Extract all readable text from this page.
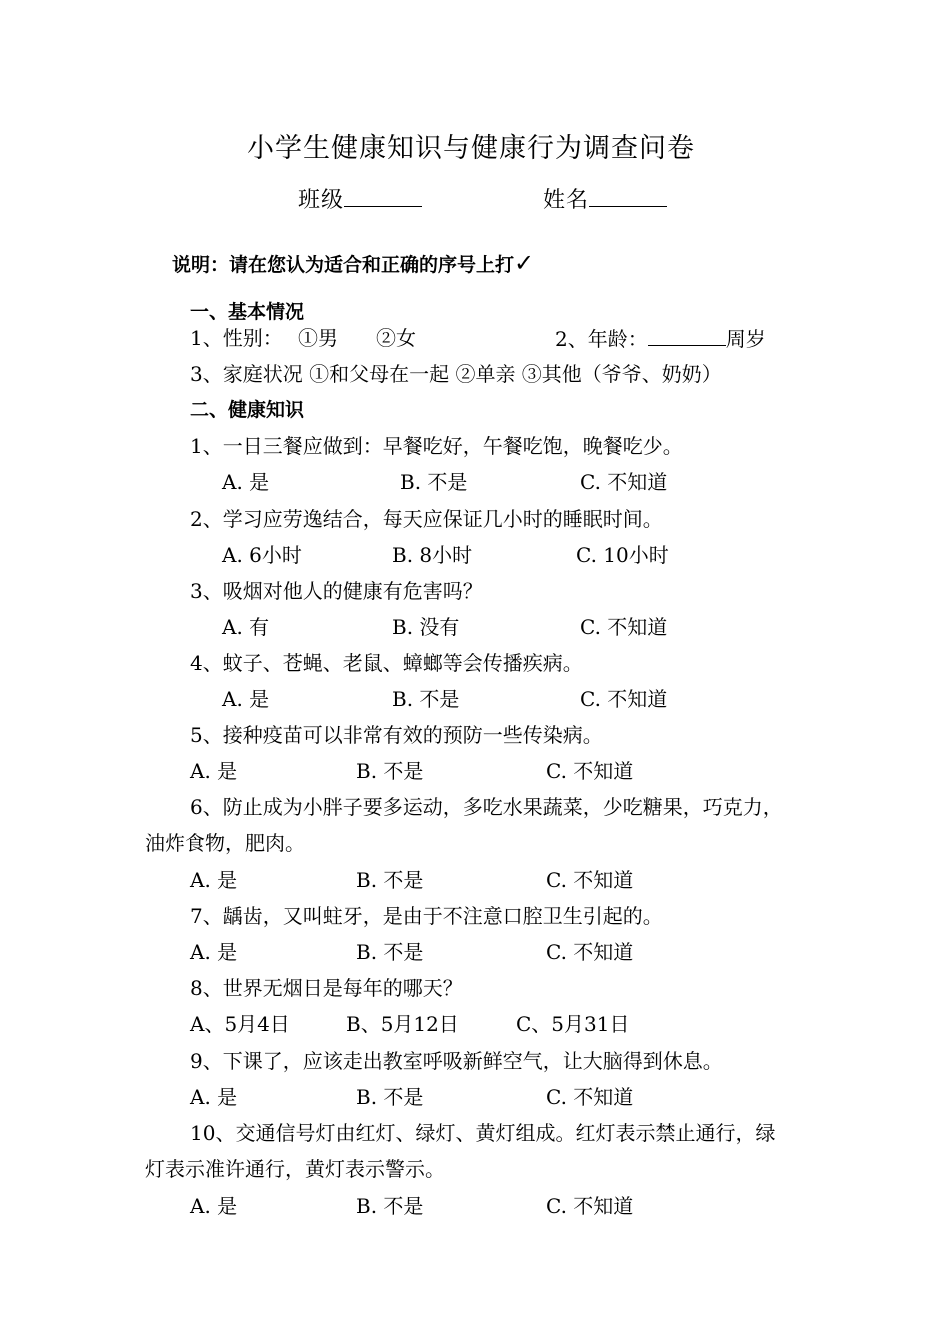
小学生健康知识与健康行为调查问卷
班级	姓名
说明：请在您认为适合和正确的序号上打✓
一、基本情况
1、性别： ①男 ②女	2、年龄：	周岁
3、家庭状况 ①和父母在一起 ②单亲 ③其他（爷爷、奶奶）
二、健康知识
1、一日三餐应做到：早餐吃好，午餐吃饱，晚餐吃少。
A. 是	B. 不是	C. 不知道
2、学习应劳逸结合，每天应保证几小时的睡眠时间。
A. 6小时	B. 8小时	C. 10小时
3、吸烟对他人的健康有危害吗？
A. 有	B. 没有	C. 不知道
4、蚊子、苍蝇、老鼠、蟑螂等会传播疾病。
A. 是	B. 不是	C. 不知道
5、接种疫苗可以非常有效的预防一些传染病。
A. 是	B. 不是	C. 不知道
6、防止成为小胖子要多运动，多吃水果蔬菜，少吃糖果，巧克力，
油炸食物，肥肉。
A. 是	B. 不是	C. 不知道
7、龋齿，又叫蛀牙，是由于不注意口腔卫生引起的。
A. 是	B. 不是	C. 不知道
8、世界无烟日是每年的哪天？
A、5月4日	B、5月12日	C、5月31日
9、下课了，应该走出教室呼吸新鲜空气，让大脑得到休息。
A. 是	B. 不是	C. 不知道
10、交通信号灯由红灯、绿灯、黄灯组成。红灯表示禁止通行，绿
灯表示准许通行，黄灯表示警示。
A. 是	B. 不是	C. 不知道
